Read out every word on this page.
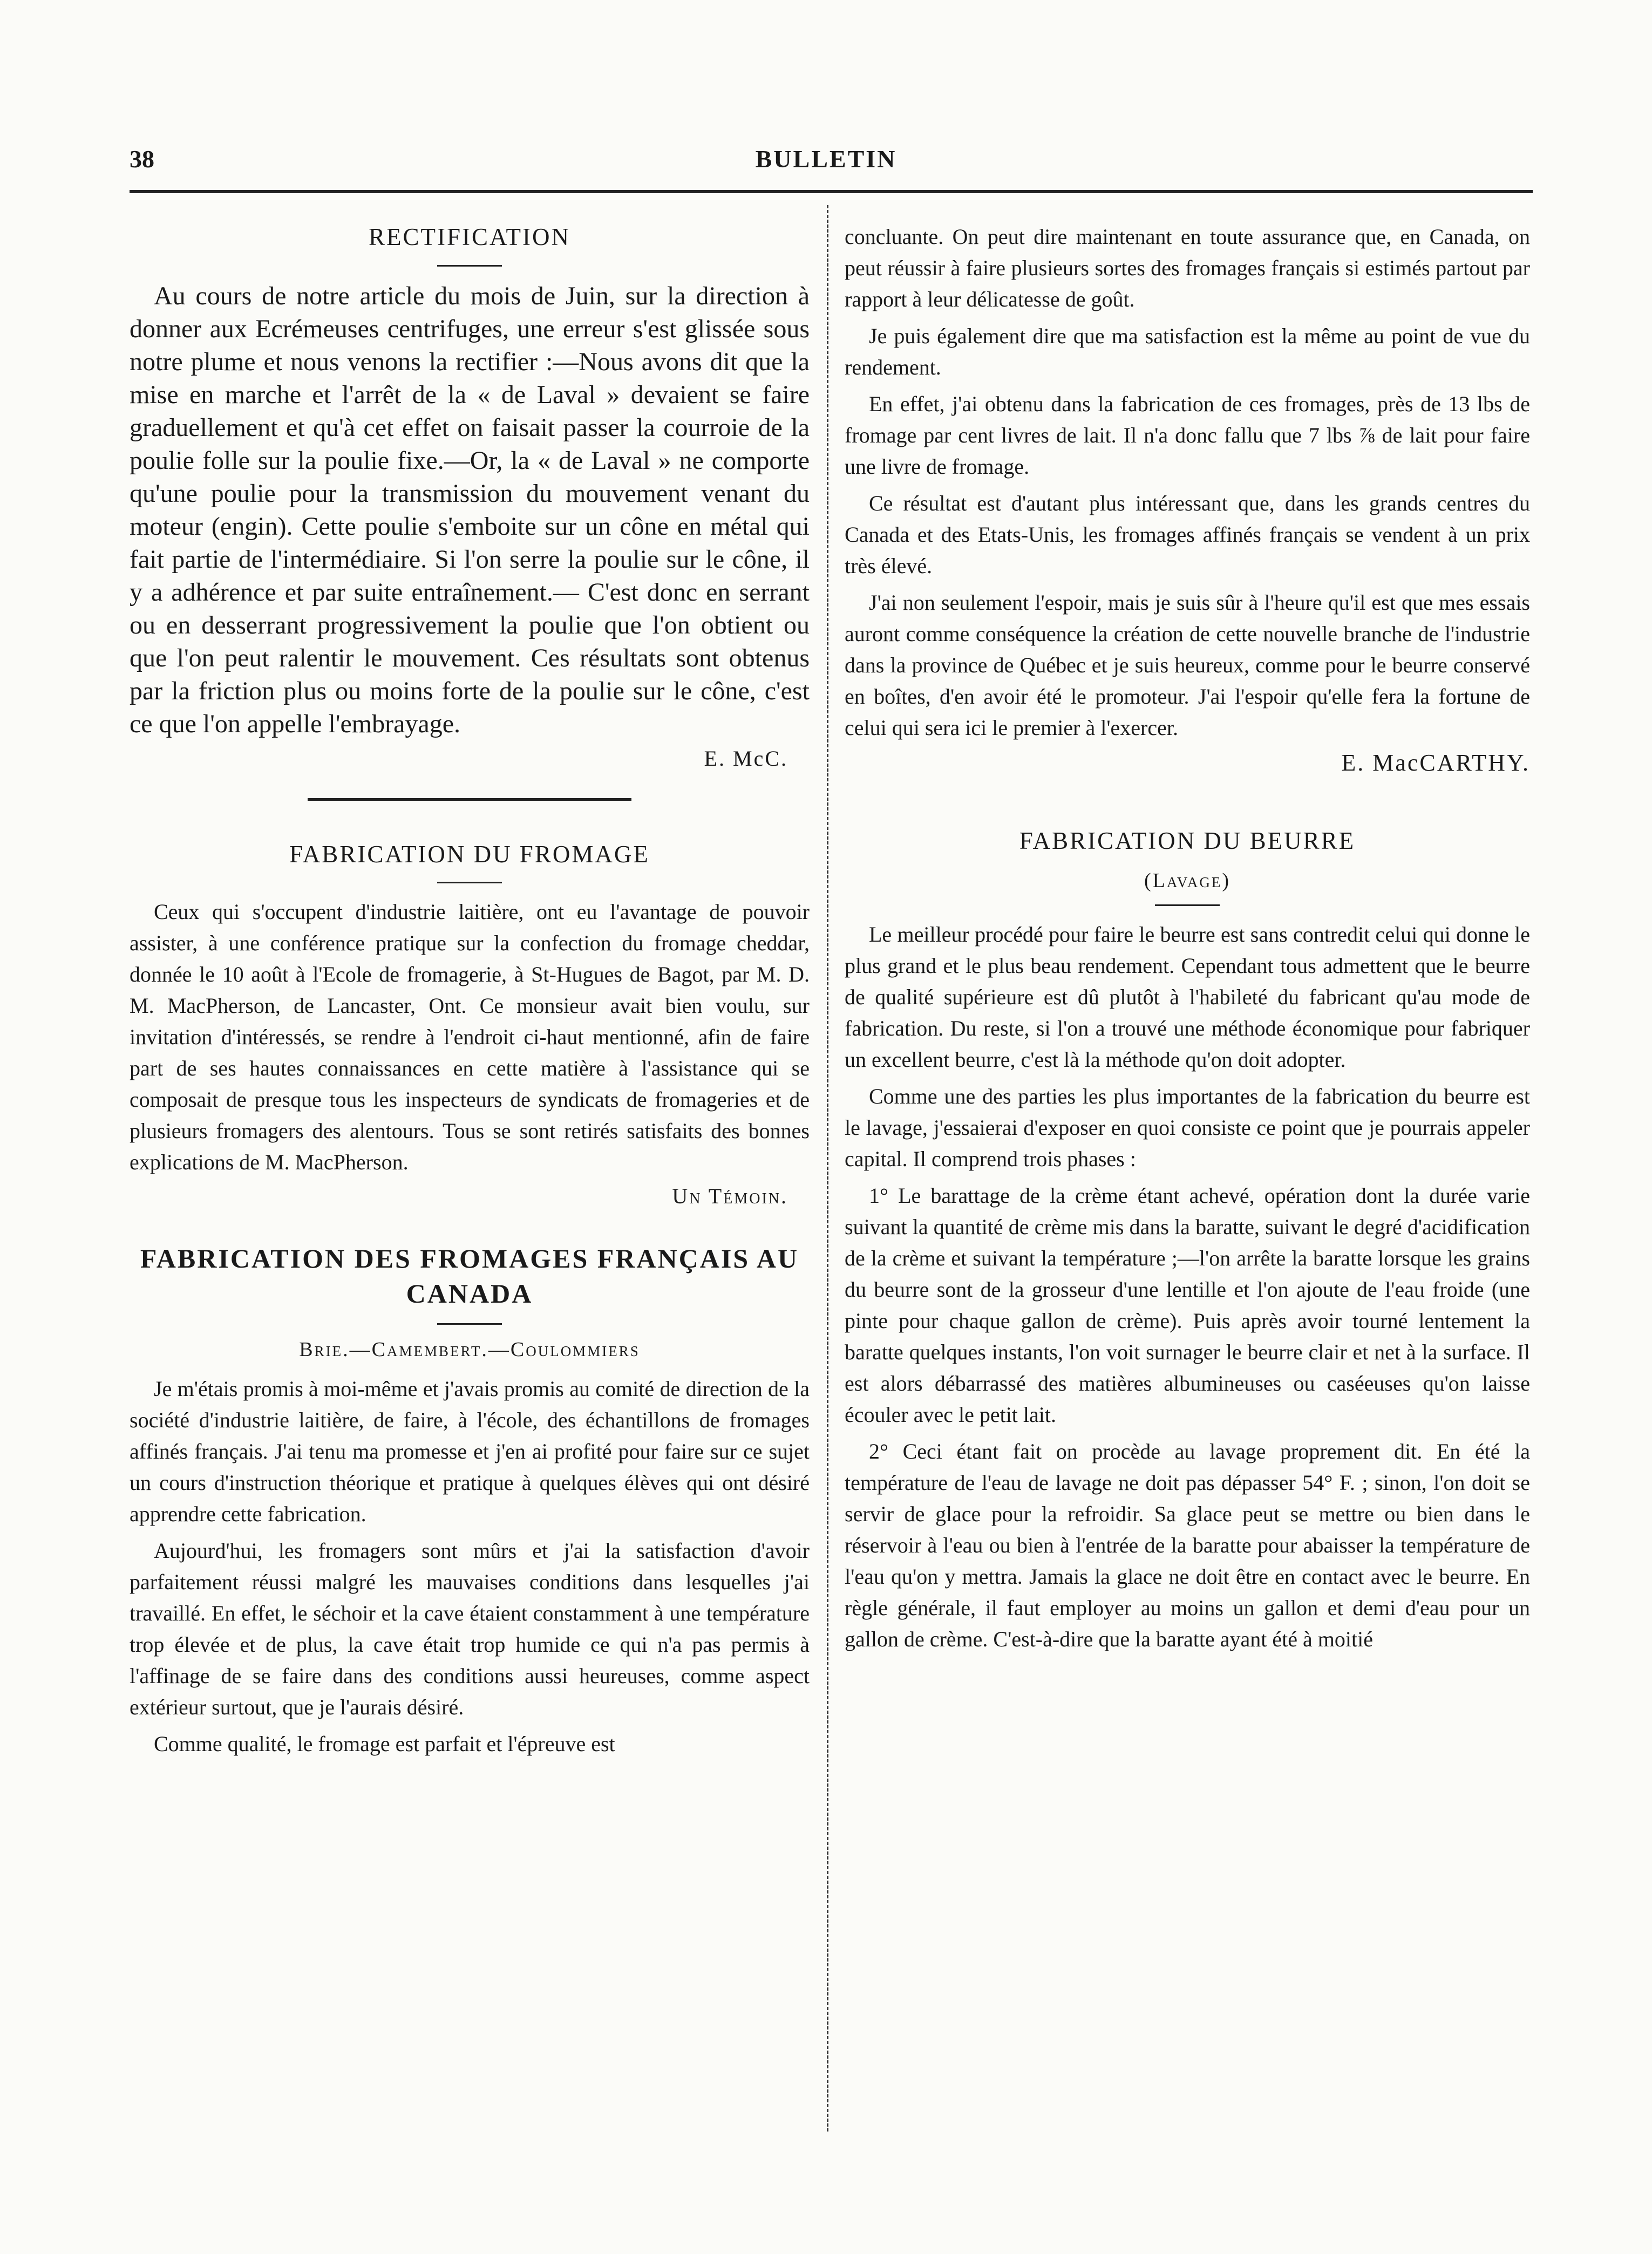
38	BULLETIN
RECTIFICATION

Au cours de notre article du mois de Juin, sur la direction à donner aux Ecrémeuses centrifuges, une erreur s'est glissée sous notre plume et nous venons la rectifier :—Nous avons dit que la mise en marche et l'arrêt de la « de Laval » devaient se faire graduellement et qu'à cet effet on faisait passer la courroie de la poulie folle sur la poulie fixe.—Or, la « de Laval » ne comporte qu'une poulie pour la transmission du mouvement venant du moteur (engin). Cette poulie s'emboite sur un cône en métal qui fait partie de l'intermédiaire. Si l'on serre la poulie sur le cône, il y a adhérence et par suite entraînement.— C'est donc en serrant ou en desserrant progressivement la poulie que l'on obtient ou que l'on peut ralentir le mouvement. Ces résultats sont obtenus par la friction plus ou moins forte de la poulie sur le cône, c'est ce que l'on appelle l'embrayage.

E. McC.
FABRICATION DU FROMAGE

Ceux qui s'occupent d'industrie laitière, ont eu l'avantage de pouvoir assister, à une conférence pratique sur la confection du fromage cheddar, donnée le 10 août à l'Ecole de fromagerie, à St-Hugues de Bagot, par M. D. M. MacPherson, de Lancaster, Ont. Ce monsieur avait bien voulu, sur invitation d'intéressés, se rendre à l'endroit ci-haut mentionné, afin de faire part de ses hautes connaissances en cette matière à l'assistance qui se composait de presque tous les inspecteurs de syndicats de fromageries et de plusieurs fromagers des alentours. Tous se sont retirés satisfaits des bonnes explications de M. MacPherson.

Un Témoin.
FABRICATION DES FROMAGES FRANÇAIS AU CANADA
Brie.—Camembert.—Coulommiers

Je m'étais promis à moi-même et j'avais promis au comité de direction de la société d'industrie laitière, de faire, à l'école, des échantillons de fromages affinés français. J'ai tenu ma promesse et j'en ai profité pour faire sur ce sujet un cours d'instruction théorique et pratique à quelques élèves qui ont désiré apprendre cette fabrication.

Aujourd'hui, les fromagers sont mûrs et j'ai la satisfaction d'avoir parfaitement réussi malgré les mauvaises conditions dans lesquelles j'ai travaillé. En effet, le séchoir et la cave étaient constamment à une température trop élevée et de plus, la cave était trop humide ce qui n'a pas permis à l'affinage de se faire dans des conditions aussi heureuses, comme aspect extérieur surtout, que je l'aurais désiré.

Comme qualité, le fromage est parfait et l'épreuve est

concluante. On peut dire maintenant en toute assurance que, en Canada, on peut réussir à faire plusieurs sortes des fromages français si estimés partout par rapport à leur délicatesse de goût.

Je puis également dire que ma satisfaction est la même au point de vue du rendement.

En effet, j'ai obtenu dans la fabrication de ces fromages, près de 13 lbs de fromage par cent livres de lait. Il n'a donc fallu que 7 lbs ⅞ de lait pour faire une livre de fromage.

Ce résultat est d'autant plus intéressant que, dans les grands centres du Canada et des Etats-Unis, les fromages affinés français se vendent à un prix très élevé.

J'ai non seulement l'espoir, mais je suis sûr à l'heure qu'il est que mes essais auront comme conséquence la création de cette nouvelle branche de l'industrie dans la province de Québec et je suis heureux, comme pour le beurre conservé en boîtes, d'en avoir été le promoteur. J'ai l'espoir qu'elle fera la fortune de celui qui sera ici le premier à l'exercer.

E. MacCARTHY.
FABRICATION DU BEURRE
(Lavage)

Le meilleur procédé pour faire le beurre est sans contredit celui qui donne le plus grand et le plus beau rendement. Cependant tous admettent que le beurre de qualité supérieure est dû plutôt à l'habileté du fabricant qu'au mode de fabrication. Du reste, si l'on a trouvé une méthode économique pour fabriquer un excellent beurre, c'est là la méthode qu'on doit adopter.

Comme une des parties les plus importantes de la fabrication du beurre est le lavage, j'essaierai d'exposer en quoi consiste ce point que je pourrais appeler capital. Il comprend trois phases :

1° Le barattage de la crème étant achevé, opération dont la durée varie suivant la quantité de crème mis dans la baratte, suivant le degré d'acidification de la crème et suivant la température ;—l'on arrête la baratte lorsque les grains du beurre sont de la grosseur d'une lentille et l'on ajoute de l'eau froide (une pinte pour chaque gallon de crème). Puis après avoir tourné lentement la baratte quelques instants, l'on voit surnager le beurre clair et net à la surface. Il est alors débarrassé des matières albumineuses ou caséeuses qu'on laisse écouler avec le petit lait.

2° Ceci étant fait on procède au lavage proprement dit. En été la température de l'eau de lavage ne doit pas dépasser 54° F. ; sinon, l'on doit se servir de glace pour la refroidir. Sa glace peut se mettre ou bien dans le réservoir à l'eau ou bien à l'entrée de la baratte pour abaisser la température de l'eau qu'on y mettra. Jamais la glace ne doit être en contact avec le beurre. En règle générale, il faut employer au moins un gallon et demi d'eau pour un gallon de crème. C'est-à-dire que la baratte ayant été à moitié
